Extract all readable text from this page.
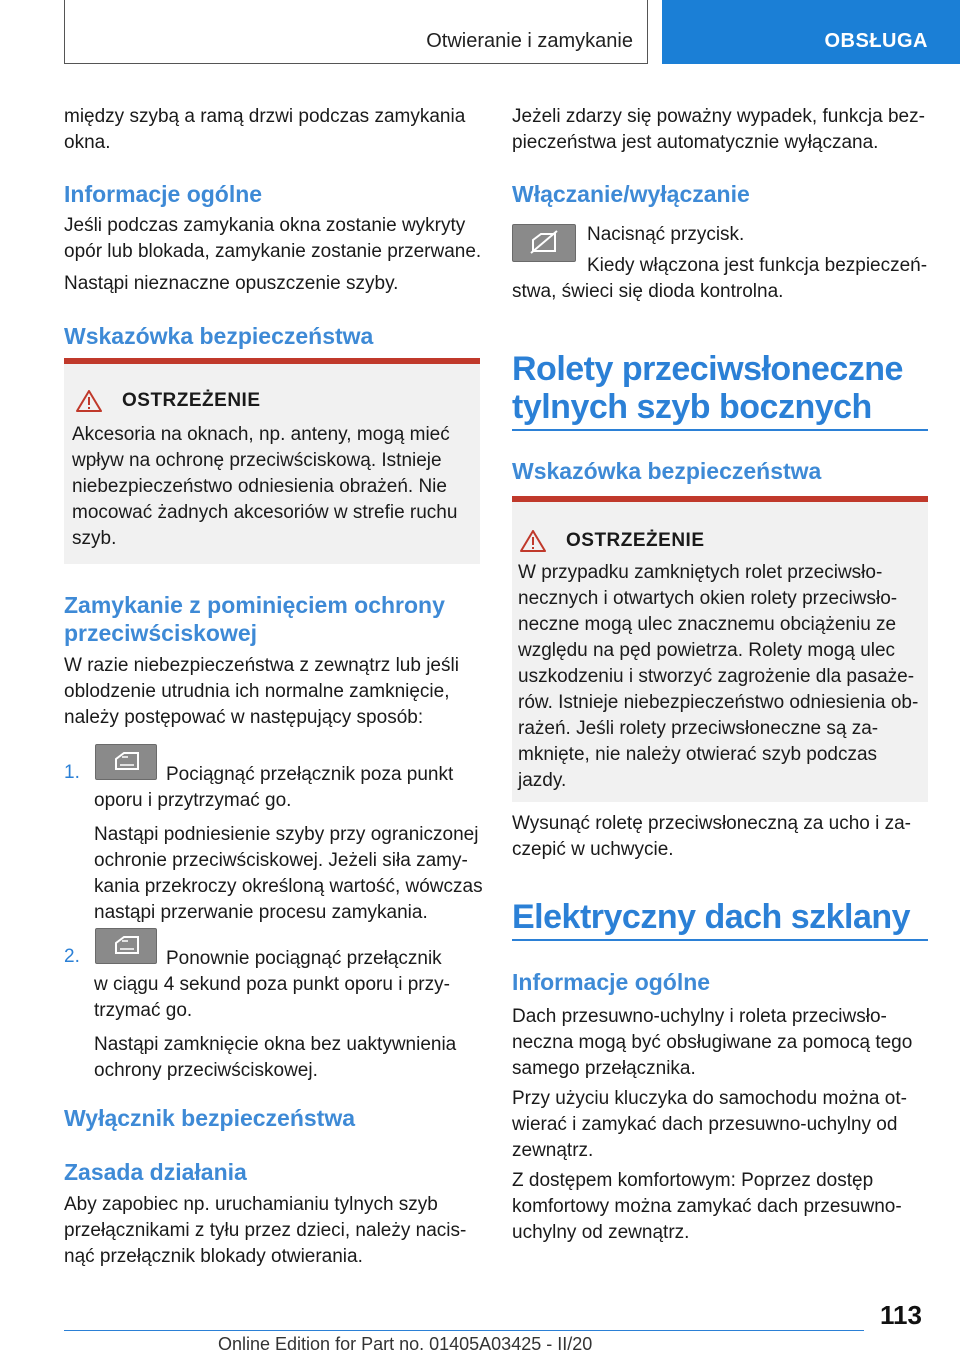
Otwieranie i zamykanie	OBSŁUGA
między szybą a ramą drzwi podczas zamykania
okna.
Informacje ogólne
Jeśli podczas zamykania okna zostanie wykryty
opór lub blokada, zamykanie zostanie przerwane.
Nastąpi nieznaczne opuszczenie szyby.
Wskazówka bezpieczeństwa
OSTRZEŻENIE
Akcesoria na oknach, np. anteny, mogą mieć
wpływ na ochronę przeciwściskową. Istnieje
niebezpieczeństwo odniesienia obrażeń. Nie
mocować żadnych akcesoriów w strefie ruchu
szyb.
Zamykanie z pominięciem ochrony
przeciwściskowej
W razie niebezpieczeństwa z zewnątrz lub jeśli
oblodzenie utrudnia ich normalne zamknięcie,
należy postępować w następujący sposób:
1.	Pociągnąć przełącznik poza punkt
oporu i przytrzymać go.
Nastąpi podniesienie szyby przy ograniczonej
ochronie przeciwściskowej. Jeżeli siła zamy‐
kania przekroczy określoną wartość, wówczas
nastąpi przerwanie procesu zamykania.
2.	Ponownie pociągnąć przełącznik
w ciągu 4 sekund poza punkt oporu i przy‐
trzymać go.
Nastąpi zamknięcie okna bez uaktywnienia
ochrony przeciwściskowej.
Wyłącznik bezpieczeństwa
Zasada działania
Aby zapobiec np. uruchamianiu tylnych szyb
przełącznikami z tyłu przez dzieci, należy nacis‐
nąć przełącznik blokady otwierania.
Jeżeli zdarzy się poważny wypadek, funkcja bez‐
pieczeństwa jest automatycznie wyłączana.
Włączanie/wyłączanie
Nacisnąć przycisk.
Kiedy włączona jest funkcja bezpieczeń‐
stwa, świeci się dioda kontrolna.
Rolety przeciwsłoneczne
tylnych szyb bocznych
Wskazówka bezpieczeństwa
OSTRZEŻENIE
W przypadku zamkniętych rolet przeciwsło‐
necznych i otwartych okien rolety przeciwsło‐
neczne mogą ulec znacznemu obciążeniu ze
względu na pęd powietrza. Rolety mogą ulec
uszkodzeniu i stworzyć zagrożenie dla pasaże‐
rów. Istnieje niebezpieczeństwo odniesienia ob‐
rażeń. Jeśli rolety przeciwsłoneczne są za‐
mknięte, nie należy otwierać szyb podczas
jazdy.
Wysunąć roletę przeciwsłoneczną za ucho i za‐
czepić w uchwycie.
Elektryczny dach szklany
Informacje ogólne
Dach przesuwno-uchylny i roleta przeciwsło‐
neczna mogą być obsługiwane za pomocą tego
samego przełącznika.
Przy użyciu kluczyka do samochodu można ot‐
wierać i zamykać dach przesuwno-uchylny od
zewnątrz.
Z dostępem komfortowym: Poprzez dostęp
komfortowy można zamykać dach przesuwno-
uchylny od zewnątrz.
113
Online Edition for Part no. 01405A03425 - II/20
